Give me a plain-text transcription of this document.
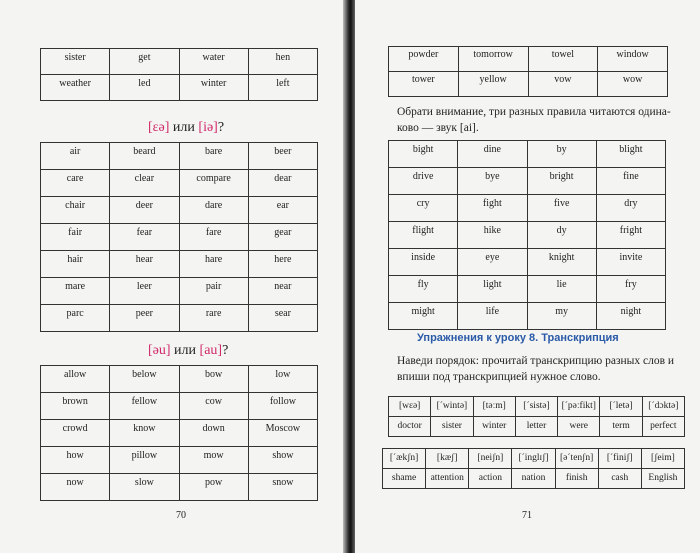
sister	get	water	hen

weather	led	winter	left
[εə] или [iə]?
air	beard	bare	beer

care	clear	compare	dear

chair	deer	dare	ear

fair	fear	fare	gear

hair	hear	hare	here

mare	leer	pair	near

parc	peer	rare	sear
[əu] или [au]?
allow	below	bow	low

brown	fellow	cow	follow

crowd	know	down	Moscow

how	pillow	mow	show

now	slow	pow	snow
70
powder	tomorrow	towel	window

tower	yellow	vow	wow
Обрати внимание, три разных правила читаются одина-
ково — звук [ai].
bight	dine	by	blight

drive	bye	bright	fine

cry	fight	five	dry

flight	hike	dy	fright

inside	eye	knight	invite

fly	light	lie	fry

might	life	my	night
Упражнения к уроку 8. Транскрипция
Наведи порядок: прочитай транскрипцию разных слов и
впиши под транскрипцией нужное слово.
[wɛə]	[ˊwintə]	[təːm]	[ˊsistə]	[ˊpəːfikt]	[ˊletə]	[ˊdɔktə]
doctor	sister	winter	letter	were	term	perfect
[ˊækʃn]	[kæʃ]	[neiʃn]	[ˊinglɪʃ]	[əˊtenʃn]	[ˊfiniʃ]	[ʃeim]
shame	attention	action	nation	finish	cash	English
71
